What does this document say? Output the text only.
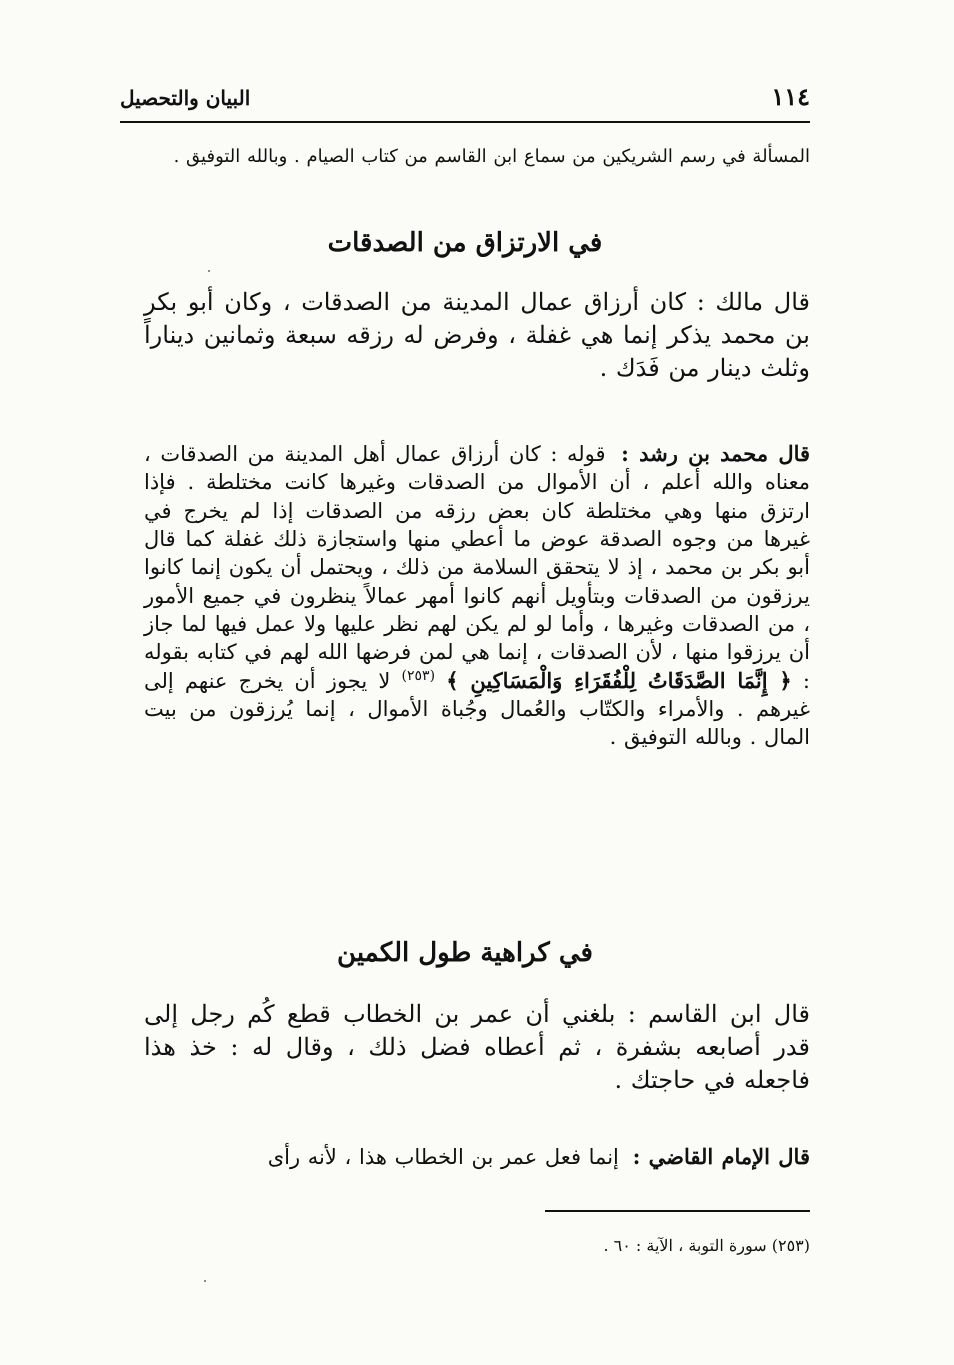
١١٤
البيان والتحصيل

المسألة في رسم الشريكين من سماع ابن القاسم من كتاب الصيام . وبالله التوفيق .

في الارتزاق من الصدقات

قال مالك : كان أرزاق عمال المدينة من الصدقات ، وكان أبو بكر بن محمد يذكر إنما هي غفلة ، وفرض له رزقه سبعة وثمانين ديناراً وثلث دينار من فَدَك .

قال محمد بن رشد : قوله : كان أرزاق عمال أهل المدينة من الصدقات ، معناه والله أعلم ، أن الأموال من الصدقات وغيرها كانت مختلطة . فإذا ارتزق منها وهي مختلطة كان بعض رزقه من الصدقات إذا لم يخرج في غيرها من وجوه الصدقة عوض ما أعطي منها واستجازة ذلك غفلة كما قال أبو بكر بن محمد ، إذ لا يتحقق السلامة من ذلك ، ويحتمل أن يكون إنما كانوا يرزقون من الصدقات وبتأويل أنهم كانوا أمهر عمالاً ينظرون في جميع الأمور ، من الصدقات وغيرها ، وأما لو لم يكن لهم نظر عليها ولا عمل فيها لما جاز أن يرزقوا منها ، لأن الصدقات ، إنما هي لمن فرضها الله لهم في كتابه بقوله : ﴿ إِنَّمَا الصَّدَقَاتُ لِلْفُقَرَاءِ وَالْمَسَاكِينِ ﴾ $^{(٢٥٣)}$ لا يجوز أن يخرج عنهم إلى غيرهم . والأمراء والكتّاب والعُمال وجُباة الأموال ، إنما يُرزقون من بيت المال . وبالله التوفيق .

في كراهية طول الكمين

قال ابن القاسم : بلغني أن عمر بن الخطاب قطع كُم رجل إلى قدر أصابعه بشفرة ، ثم أعطاه فضل ذلك ، وقال له : خذ هذا فاجعله في حاجتك .

قال الإمام القاضي : إنما فعل عمر بن الخطاب هذا ، لأنه رأى

(٢٥٣) سورة التوبة ، الآية : ٦٠ .
